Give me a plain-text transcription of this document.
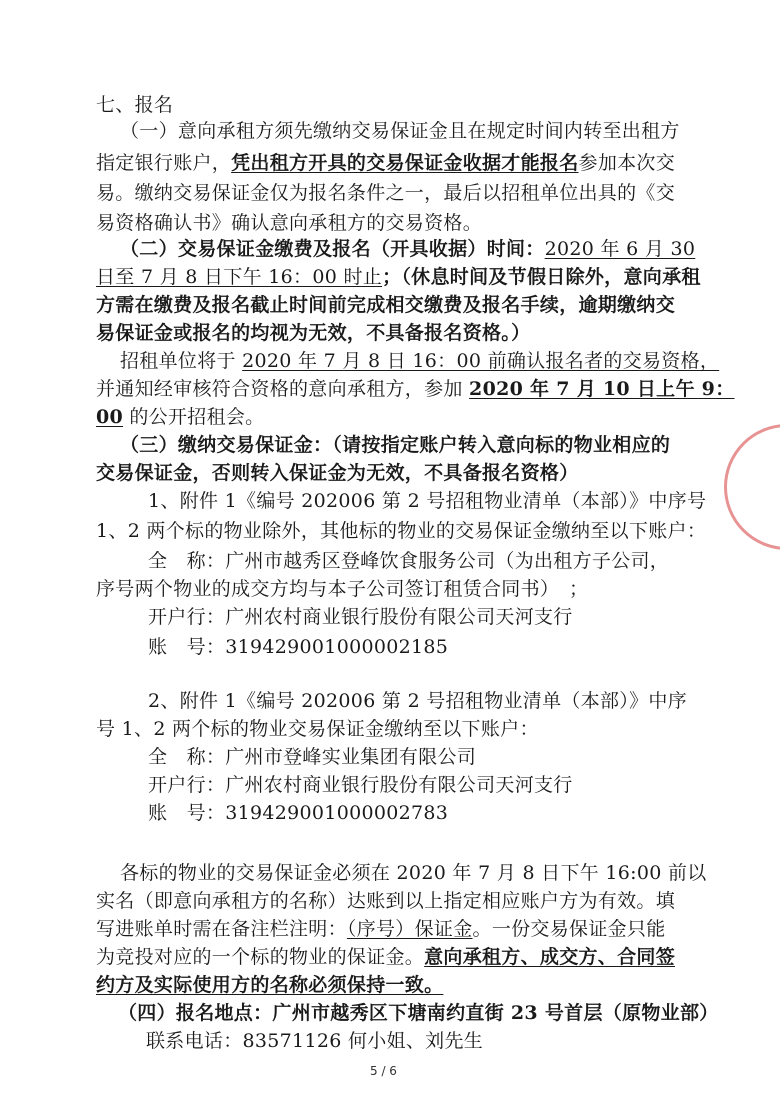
七、报名
（一）意向承租方须先缴纳交易保证金且在规定时间内转至出租方
指定银行账户，凭出租方开具的交易保证金收据才能报名参加本次交
易。缴纳交易保证金仅为报名条件之一，最后以招租单位出具的《交
易资格确认书》确认意向承租方的交易资格。
（二）交易保证金缴费及报名（开具收据）时间：2020 年 6 月 30
日至 7 月 8 日下午 16：00 时止；（休息时间及节假日除外，意向承租
方需在缴费及报名截止时间前完成相交缴费及报名手续，逾期缴纳交
易保证金或报名的均视为无效，不具备报名资格。）
招租单位将于 2020 年 7 月 8 日 16：00 前确认报名者的交易资格，
并通知经审核符合资格的意向承租方，参加 2020 年 7 月 10 日上午 9：
00 的公开招租会。
（三）缴纳交易保证金：（请按指定账户转入意向标的物业相应的
交易保证金，否则转入保证金为无效，不具备报名资格）
1、附件 1《编号 202006 第 2 号招租物业清单（本部）》中序号
1、2 两个标的物业除外，其他标的物业的交易保证金缴纳至以下账户：
全　称：广州市越秀区登峰饮食服务公司（为出租方子公司，
序号两个物业的成交方均与本子公司签订租赁合同书）　；
开户行：广州农村商业银行股份有限公司天河支行
账　号：319429001000002185
2、附件 1《编号 202006 第 2 号招租物业清单（本部）》中序
号 1、2 两个标的物业交易保证金缴纳至以下账户：
全　称：广州市登峰实业集团有限公司
开户行：广州农村商业银行股份有限公司天河支行
账　号：319429001000002783
各标的物业的交易保证金必须在 2020 年 7 月 8 日下午 16:00 前以
实名（即意向承租方的名称）达账到以上指定相应账户方为有效。填
写进账单时需在备注栏注明：（序号）保证金。一份交易保证金只能
为竞投对应的一个标的物业的保证金。意向承租方、成交方、合同签
约方及实际使用方的名称必须保持一致。
（四）报名地点：广州市越秀区下塘南约直街 23 号首层（原物业部）
联系电话：83571126 何小姐、刘先生
5 / 6
